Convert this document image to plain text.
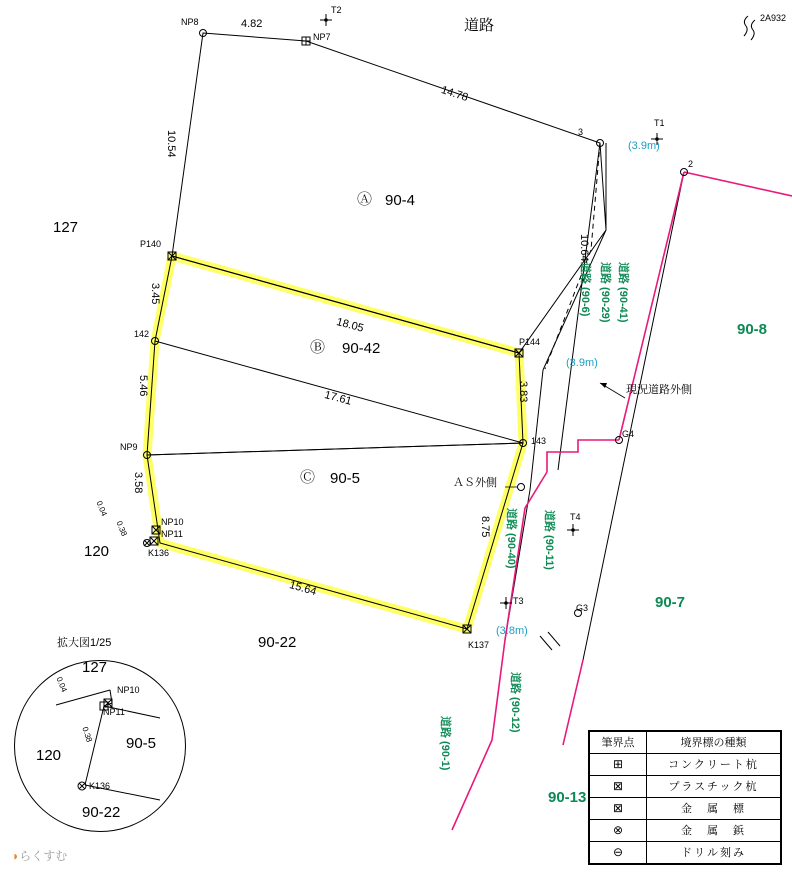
道路	2A932
NP8
NP7
T2
T1
3
2
P140
142
P144
143
NP9
NP10
NP11
K136
K137
T3
T4
G4
G3
4.82
14.78
10.54
3.45
18.05
5.46
17.61	3.83
3.58
8.75
15.64
10.64
0.04
0.38
Ⓐ 90-4
Ⓑ 90-42
Ⓒ 90-5
127
120
90-22
90-8
90-7
90-13
道路 (90-6) 道路 (90-29) 道路 (90-41)
道路 (90-40) 道路 (90-11)
道路 (90-12)
道路 (90-1)
(3.9m)
(3.9m)
(3.8m)
現況道路外側
ＡＳ外側
拡大図1/25
127
120
90-5
90-22
NP10
NP11
K136
0.04
0.38	筆界点	境界標の種類
⊞	コンクリート杭
⊠	プラスチック杭
⊠	金　属　標
⊗	金　属　鋲
⊖	ドリル刻み
◗らくすむ
